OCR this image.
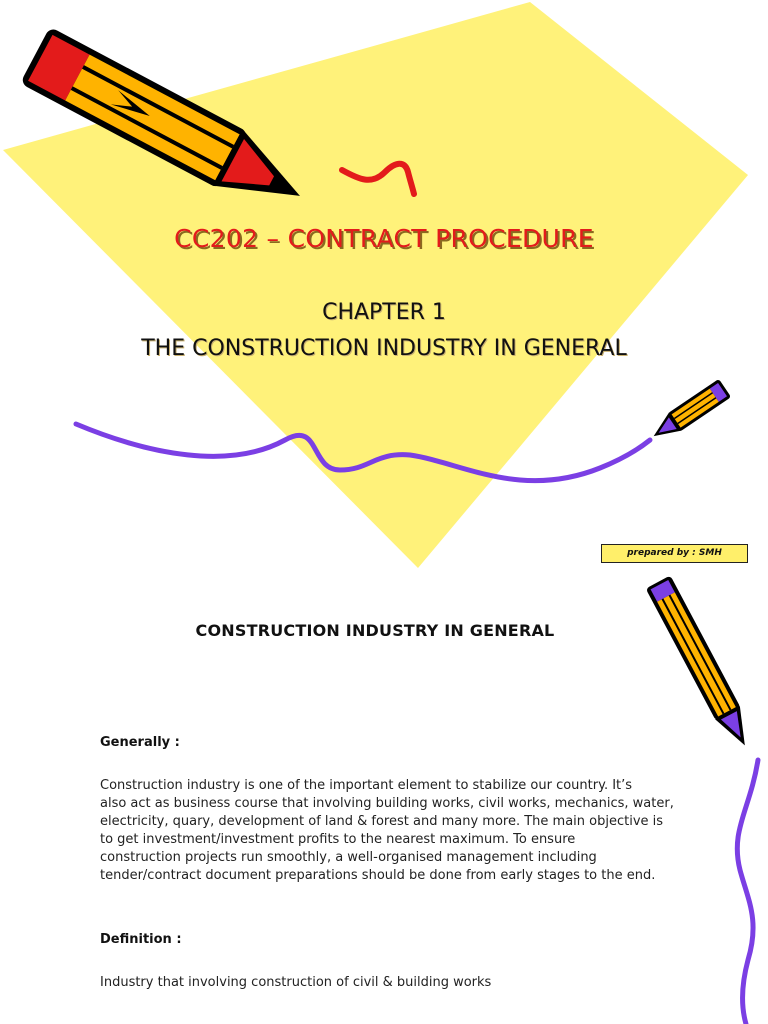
CC202 – CONTRACT PROCEDURE
CHAPTER 1
THE CONSTRUCTION INDUSTRY IN GENERAL
prepared by : SMH
CONSTRUCTION INDUSTRY IN GENERAL
Generally :

Construction industry is one of the important element to stabilize our country. It’s
also act as business course that involving building works, civil works, mechanics, water,
electricity, quary, development of land & forest and many more. The main objective is
to get investment/investment profits to the nearest maximum. To ensure
construction projects run smoothly, a well-organised management including
tender/contract document preparations should be done from early stages to the end.

Definition :

Industry that involving construction of civil & building works
